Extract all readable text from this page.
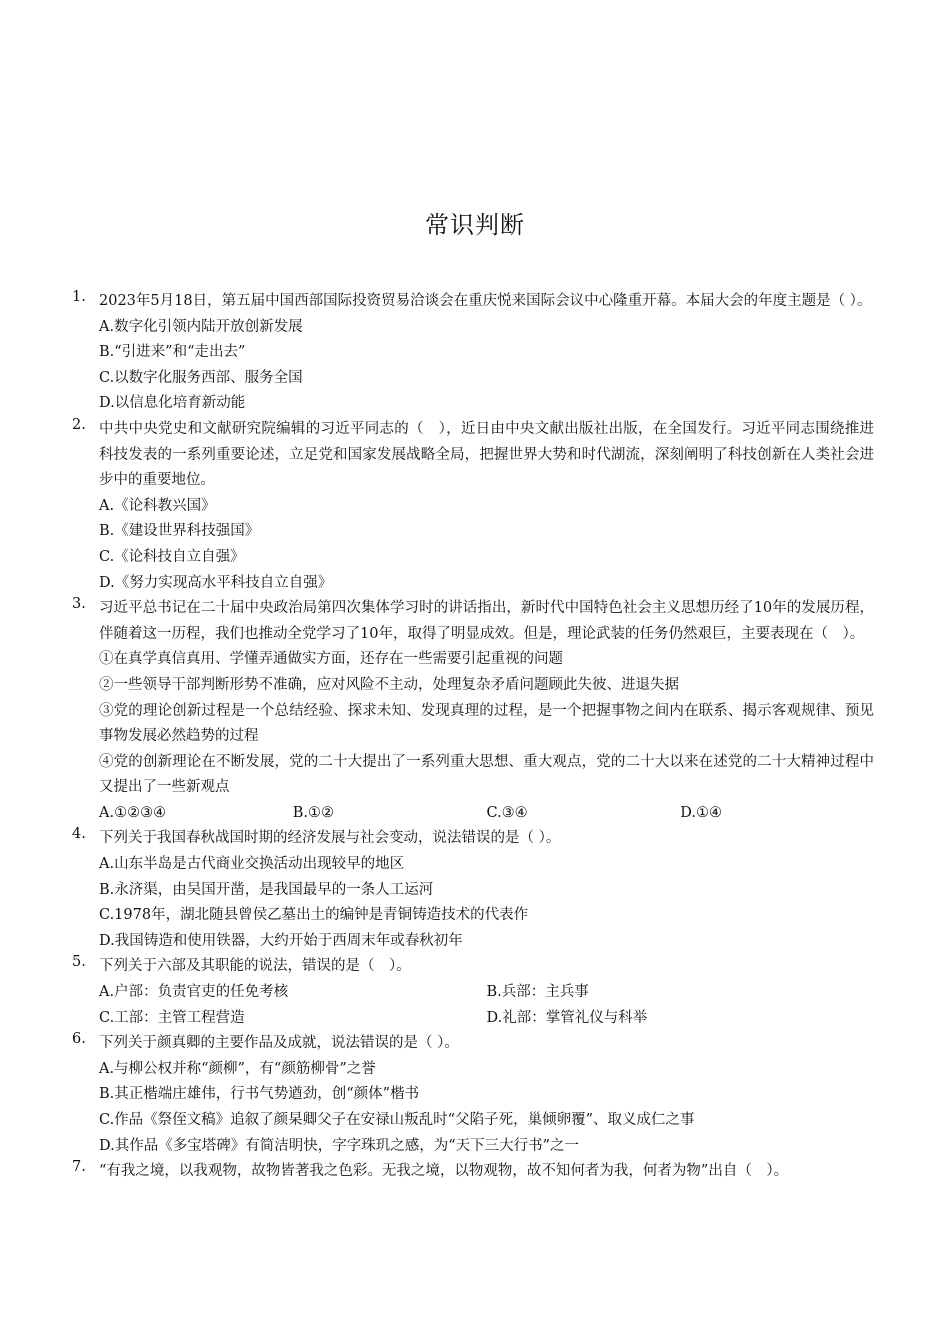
常识判断
1. 2023年5月18日，第五届中国西部国际投资贸易洽谈会在重庆悦来国际会议中心隆重开幕。本届大会的年度主题是（ ）。
A.数字化引领内陆开放创新发展
B.“引进来”和“走出去”
C.以数字化服务西部、服务全国
D.以信息化培育新动能
2. 中共中央党史和文献研究院编辑的习近平同志的（　），近日由中央文献出版社出版，在全国发行。习近平同志围绕推进科技发表的一系列重要论述，立足党和国家发展战略全局，把握世界大势和时代湖流，深刻阐明了科技创新在人类社会进步中的重要地位。
A.《论科教兴国》
B.《建设世界科技强国》
C.《论科技自立自强》
D.《努力实现高水平科技自立自强》
3. 习近平总书记在二十届中央政治局第四次集体学习时的讲话指出，新时代中国特色社会主义思想历经了10年的发展历程，伴随着这一历程，我们也推动全党学习了10年，取得了明显成效。但是，理论武装的任务仍然艰巨，主要表现在（　）。
①在真学真信真用、学懂弄通做实方面，还存在一些需要引起重视的问题
②一些领导干部判断形势不准确，应对风险不主动，处理复杂矛盾问题顾此失彼、进退失据
③党的理论创新过程是一个总结经验、探求未知、发现真理的过程，是一个把握事物之间内在联系、揭示客观规律、预见事物发展必然趋势的过程
④党的创新理论在不断发展，党的二十大提出了一系列重大思想、重大观点，党的二十大以来在述党的二十大精神过程中又提出了一些新观点
A.①②③④	B.①②	C.③④	D.①④
4. 下列关于我国春秋战国时期的经济发展与社会变动，说法错误的是（ ）。
A.山东半岛是古代商业交换活动出现较早的地区
B.永济渠，由吴国开凿，是我国最早的一条人工运河
C.1978年，湖北随县曾侯乙墓出土的编钟是青铜铸造技术的代表作
D.我国铸造和使用铁器，大约开始于西周末年或春秋初年
5. 下列关于六部及其职能的说法，错误的是（　）。
A.户部：负责官吏的任免考核	B.兵部：主兵事
C.工部：主管工程营造	D.礼部：掌管礼仪与科举
6. 下列关于颜真卿的主要作品及成就，说法错误的是（ ）。
A.与柳公权并称“颜柳”，有“颜筋柳骨”之誉
B.其正楷端庄雄伟，行书气势遒劲，创“颜体”楷书
C.作品《祭侄文稿》追叙了颜杲卿父子在安禄山叛乱时“父陷子死，巢倾卵覆”、取义成仁之事
D.其作品《多宝塔碑》有简洁明快，字字珠玑之感，为“天下三大行书”之一
7. “有我之境，以我观物，故物皆著我之色彩。无我之境，以物观物，故不知何者为我，何者为物”出自（　）。
